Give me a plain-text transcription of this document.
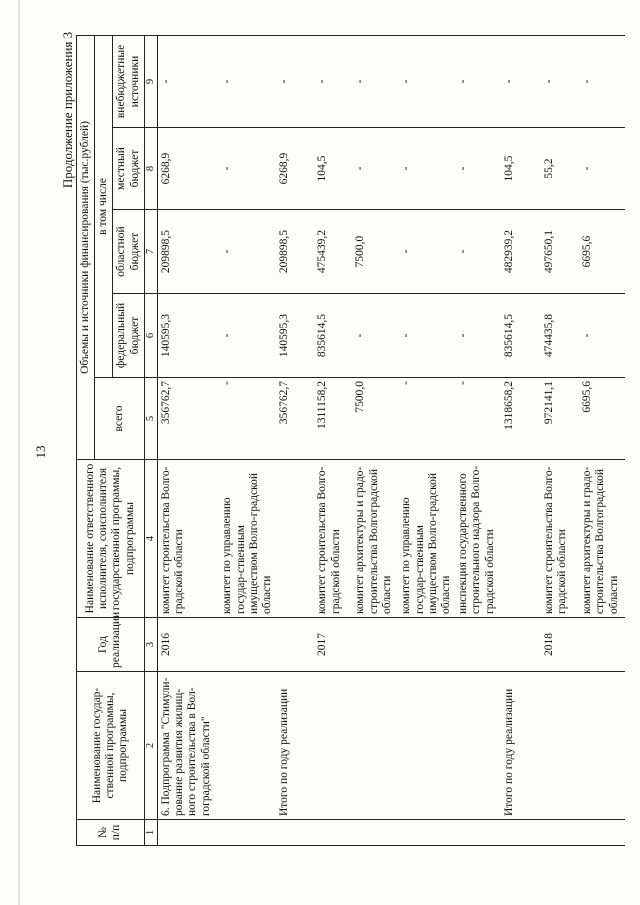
13
Продолжение приложения 3
№ п/п	Наименование государ-ственной программы, подпрограммы	Год реализации	Наименование ответственного исполнителя, соисполнителя государственной программы, подпрограммы	Объемы и источники финансирования (тыс.рублей)				
				всего	в том числе			
					федеральный бюджет	областной бюджет	местный бюджет	внебюджетные источники
1	2	3	4	5	6	7	8	9
	6. Подпрограмма "Стимули-рование развития жилищ-ного строительства в Вол-гоградской области"	2016	комитет строительства Волго-градской области	356762,7	140595,3	209898,5	6268,9	-
			комитет по управлению государ-ственным имуществом Волго-градской области	-	-	-	-	-
	Итого по году реализации			356762,7	140595,3	209898,5	6268,9	-
		2017	комитет строительства Волго-градской области	1311158,2	835614,5	475439,2	104,5	-
			комитет архитектуры и градо-строительства Волгоградской области	7500,0	-	7500,0	-	-
			комитет по управлению государ-ственным имуществом Волго-градской области	-	-	-	-	-
			инспекция государственного строительного надзора Волго-градской области	-	-	-	-	-
	Итого по году реализации			1318658,2	835614,5	482939,2	104,5	-
		2018	комитет строительства Волго-градской области	972141,1	474435,8	497650,1	55,2	-
			комитет архитектуры и градо-строительства Волгоградской области	6695,6	-	6695,6	-	-
